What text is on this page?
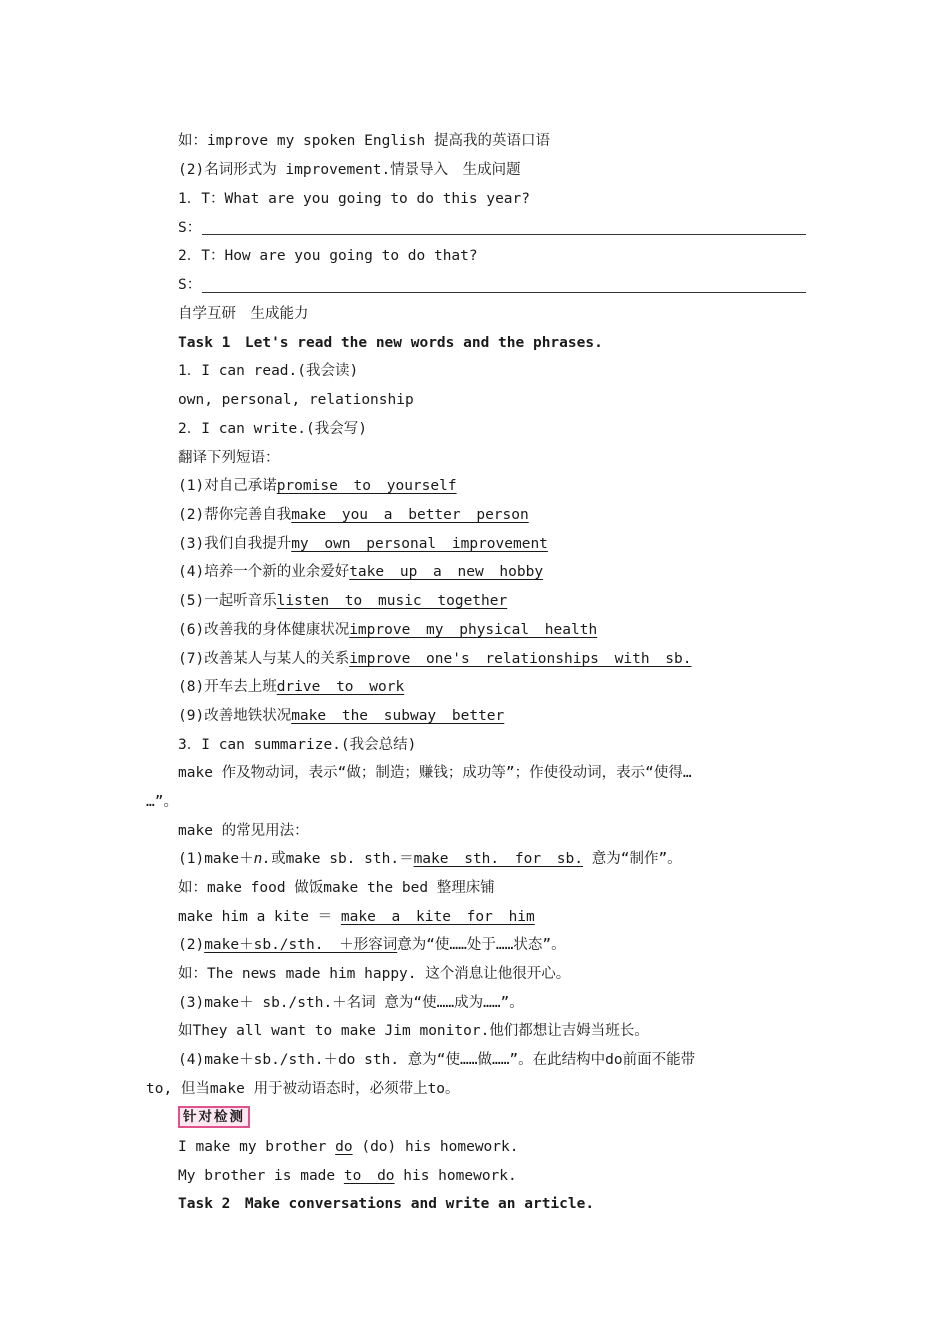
如：improve my spoken English 提高我的英语口语
(2)名词形式为 improvement.情景导入　生成问题
1．T：What are you going to do this year?
S：
2．T：How are you going to do that?
S：
自学互研　生成能力
Task 1　Let's read the new words and the phrases.
1．I can read.(我会读)
own, personal, relationship
2．I can write.(我会写)
翻译下列短语：
(1)对自己承诺promise to yourself
(2)帮你完善自我make you a better person
(3)我们自我提升my own personal improvement
(4)培养一个新的业余爱好take up a new hobby
(5)一起听音乐listen to music together
(6)改善我的身体健康状况improve my physical health
(7)改善某人与某人的关系improve one's relationships with sb.
(8)开车去上班drive to work
(9)改善地铁状况make the subway better
3．I can summarize.(我会总结)
make 作及物动词，表示“做；制造；赚钱；成功等”；作使役动词，表示“使得…
…”。
make 的常见用法：
(1)make＋n.或make sb. sth.＝make sth. for sb. 意为“制作”。
如：make food 做饭make the bed 整理床铺
make him a kite ＝ make a kite for him
(2)make＋sb./sth. ＋形容词意为“使……处于……状态”。
如：The news made him happy. 这个消息让他很开心。
(3)make＋ sb./sth.＋名词 意为“使……成为……”。
如They all want to make Jim monitor.他们都想让吉姆当班长。
(4)make＋sb./sth.＋do sth. 意为“使……做……”。在此结构中do前面不能带
to, 但当make 用于被动语态时，必须带上to。
针对检测
I make my brother do (do) his homework.
My brother is made to do his homework.
Task 2　Make conversations and write an article.
